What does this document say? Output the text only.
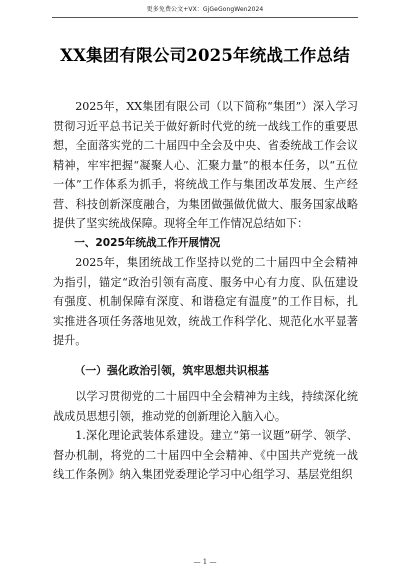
更多免费公文+VX：GjGeGongWen2024
XX集团有限公司2025年统战工作总结

2025年，XX集团有限公司（以下简称“集团”）深入学习贯彻习近平总书记关于做好新时代党的统一战线工作的重要思想，全面落实党的二十届四中全会及中央、省委统战工作会议精神，牢牢把握“凝聚人心、汇聚力量”的根本任务，以“五位一体”工作体系为抓手，将统战工作与集团改革发展、生产经营、科技创新深度融合，为集团做强做优做大、服务国家战略提供了坚实统战保障。现将全年工作情况总结如下：

一、2025年统战工作开展情况

2025年，集团统战工作坚持以党的二十届四中全会精神为指引，锚定“政治引领有高度、服务中心有力度、队伍建设有强度、机制保障有深度、和谐稳定有温度”的工作目标，扎实推进各项任务落地见效，统战工作科学化、规范化水平显著提升。

（一）强化政治引领，筑牢思想共识根基

以学习贯彻党的二十届四中全会精神为主线，持续深化统战成员思想引领，推动党的创新理论入脑入心。

1.深化理论武装体系建设。建立“第一议题”研学、领学、督办机制，将党的二十届四中全会精神、《中国共产党统一战线工作条例》纳入集团党委理论学习中心组学习、基层党组织

— 1 —
